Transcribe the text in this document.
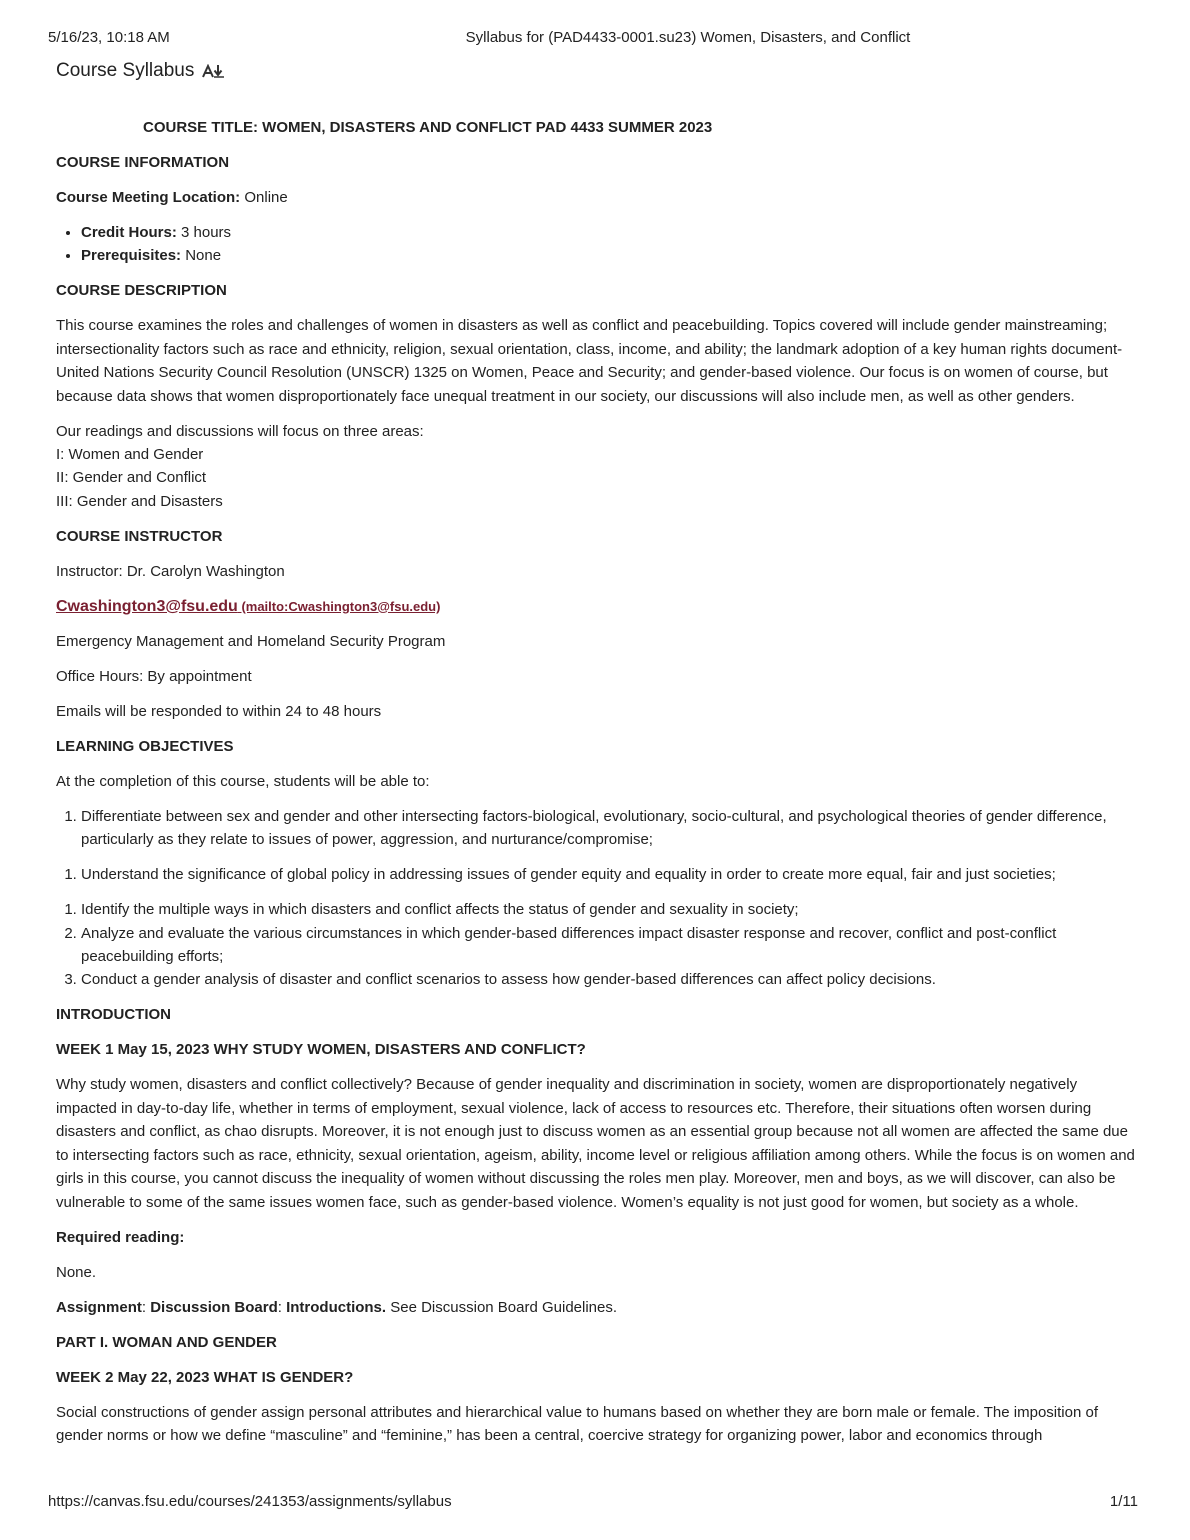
5/16/23, 10:18 AM	Syllabus for (PAD4433-0001.su23) Women, Disasters, and Conflict
Course Syllabus

COURSE TITLE: WOMEN, DISASTERS AND CONFLICT PAD 4433 SUMMER 2023

COURSE INFORMATION

Course Meeting Location: Online

• Credit Hours: 3 hours
• Prerequisites: None

COURSE DESCRIPTION

This course examines the roles and challenges of women in disasters as well as conflict and peacebuilding. Topics covered will include gender mainstreaming; intersectionality factors such as race and ethnicity, religion, sexual orientation, class, income, and ability; the landmark adoption of a key human rights document-United Nations Security Council Resolution (UNSCR) 1325 on Women, Peace and Security; and gender-based violence. Our focus is on women of course, but because data shows that women disproportionately face unequal treatment in our society, our discussions will also include men, as well as other genders.

Our readings and discussions will focus on three areas:
I: Women and Gender
II: Gender and Conflict
III: Gender and Disasters

COURSE INSTRUCTOR

Instructor: Dr. Carolyn Washington

Cwashington3@fsu.edu (mailto:Cwashington3@fsu.edu)

Emergency Management and Homeland Security Program

Office Hours: By appointment

Emails will be responded to within 24 to 48 hours

LEARNING OBJECTIVES

At the completion of this course, students will be able to:

1. Differentiate between sex and gender and other intersecting factors-biological, evolutionary, socio-cultural, and psychological theories of gender difference, particularly as they relate to issues of power, aggression, and nurturance/compromise;
1. Understand the significance of global policy in addressing issues of gender equity and equality in order to create more equal, fair and just societies;
1. Identify the multiple ways in which disasters and conflict affects the status of gender and sexuality in society;
2. Analyze and evaluate the various circumstances in which gender-based differences impact disaster response and recover, conflict and post-conflict peacebuilding efforts;
3. Conduct a gender analysis of disaster and conflict scenarios to assess how gender-based differences can affect policy decisions.

INTRODUCTION

WEEK 1 May 15, 2023 WHY STUDY WOMEN, DISASTERS AND CONFLICT?

Why study women, disasters and conflict collectively? Because of gender inequality and discrimination in society, women are disproportionately negatively impacted in day-to-day life, whether in terms of employment, sexual violence, lack of access to resources etc. Therefore, their situations often worsen during disasters and conflict, as chao disrupts. Moreover, it is not enough just to discuss women as an essential group because not all women are affected the same due to intersecting factors such as race, ethnicity, sexual orientation, ageism, ability, income level or religious affiliation among others. While the focus is on women and girls in this course, you cannot discuss the inequality of women without discussing the roles men play. Moreover, men and boys, as we will discover, can also be vulnerable to some of the same issues women face, such as gender-based violence. Women’s equality is not just good for women, but society as a whole.

Required reading:

None.

Assignment: Discussion Board: Introductions. See Discussion Board Guidelines.

PART I. WOMAN AND GENDER

WEEK 2 May 22, 2023 WHAT IS GENDER?

Social constructions of gender assign personal attributes and hierarchical value to humans based on whether they are born male or female. The imposition of gender norms or how we define “masculine” and “feminine,” has been a central, coercive strategy for organizing power, labor and economics through

https://canvas.fsu.edu/courses/241353/assignments/syllabus	1/11
